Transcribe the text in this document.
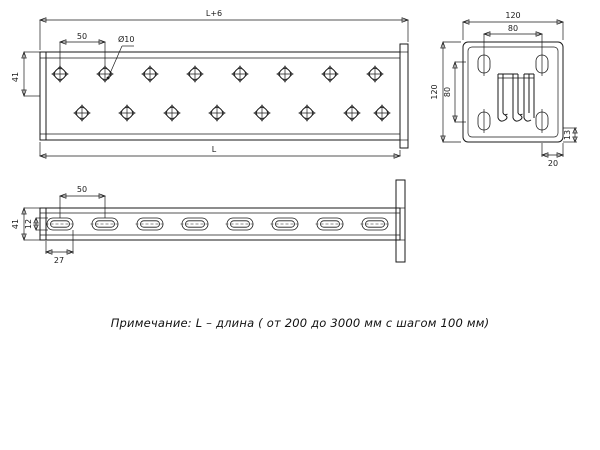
L+6
50	Ø10
41
L
120
80
120 80
13
20
50
41 12
27
Примечание: L – длина ( от 200 до 3000 мм с шагом 100 мм)
